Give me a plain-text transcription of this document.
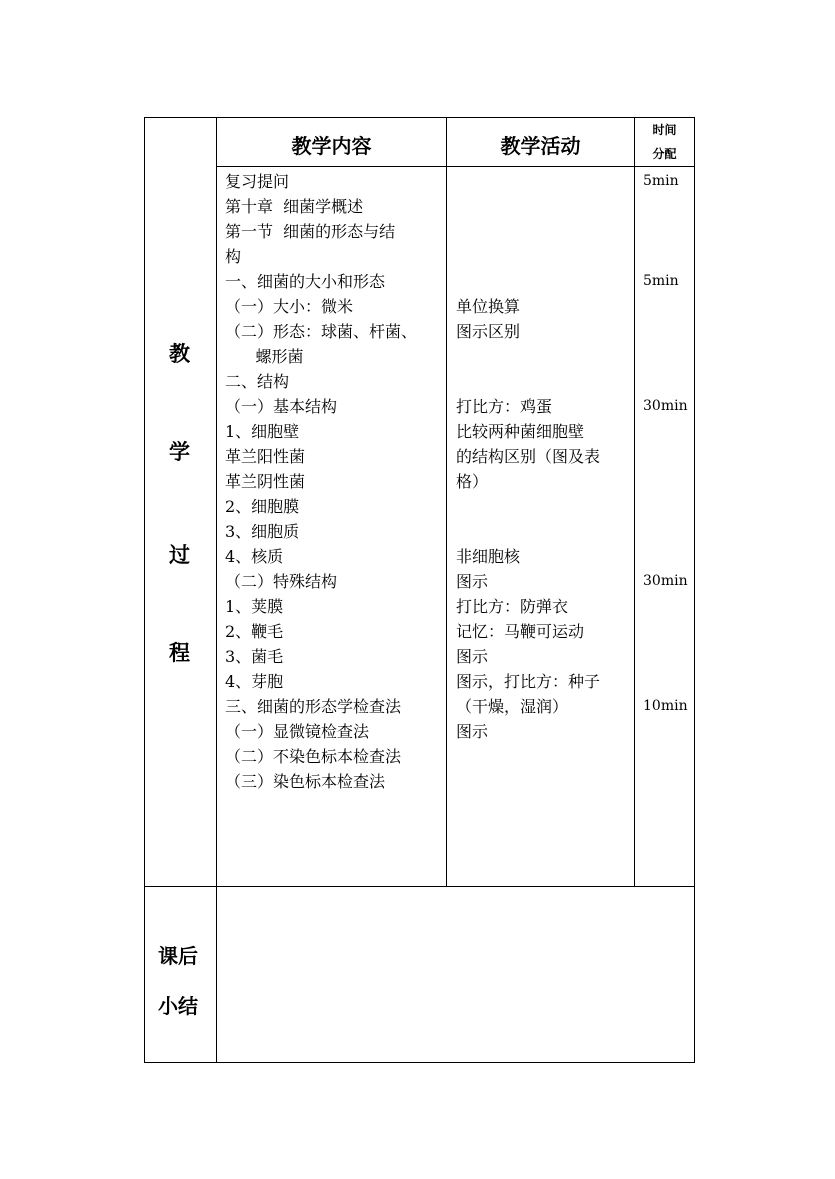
教
学
过
程
教学内容	教学活动
时间
分配
复习提问
第十章  细菌学概述
第一节  细菌的形态与结
构
一、细菌的大小和形态
（一）大小：微米
（二）形态：球菌、杆菌、
螺形菌
二、结构
（一）基本结构
1、细胞壁
革兰阳性菌
革兰阴性菌
2、细胞膜
3、细胞质
4、核质
（二）特殊结构
1、荚膜
2、鞭毛
3、菌毛
4、芽胞
三、细菌的形态学检查法
（一）显微镜检查法
（二）不染色标本检查法
（三）染色标本检查法
单位换算
图示区别
打比方：鸡蛋
比较两种菌细胞壁
的结构区别（图及表
格）
非细胞核
图示
打比方：防弹衣
记忆：马鞭可运动
图示
图示，打比方：种子
（干燥，湿润）
图示
5min
5min
30min
30min
10min
课后
小结
